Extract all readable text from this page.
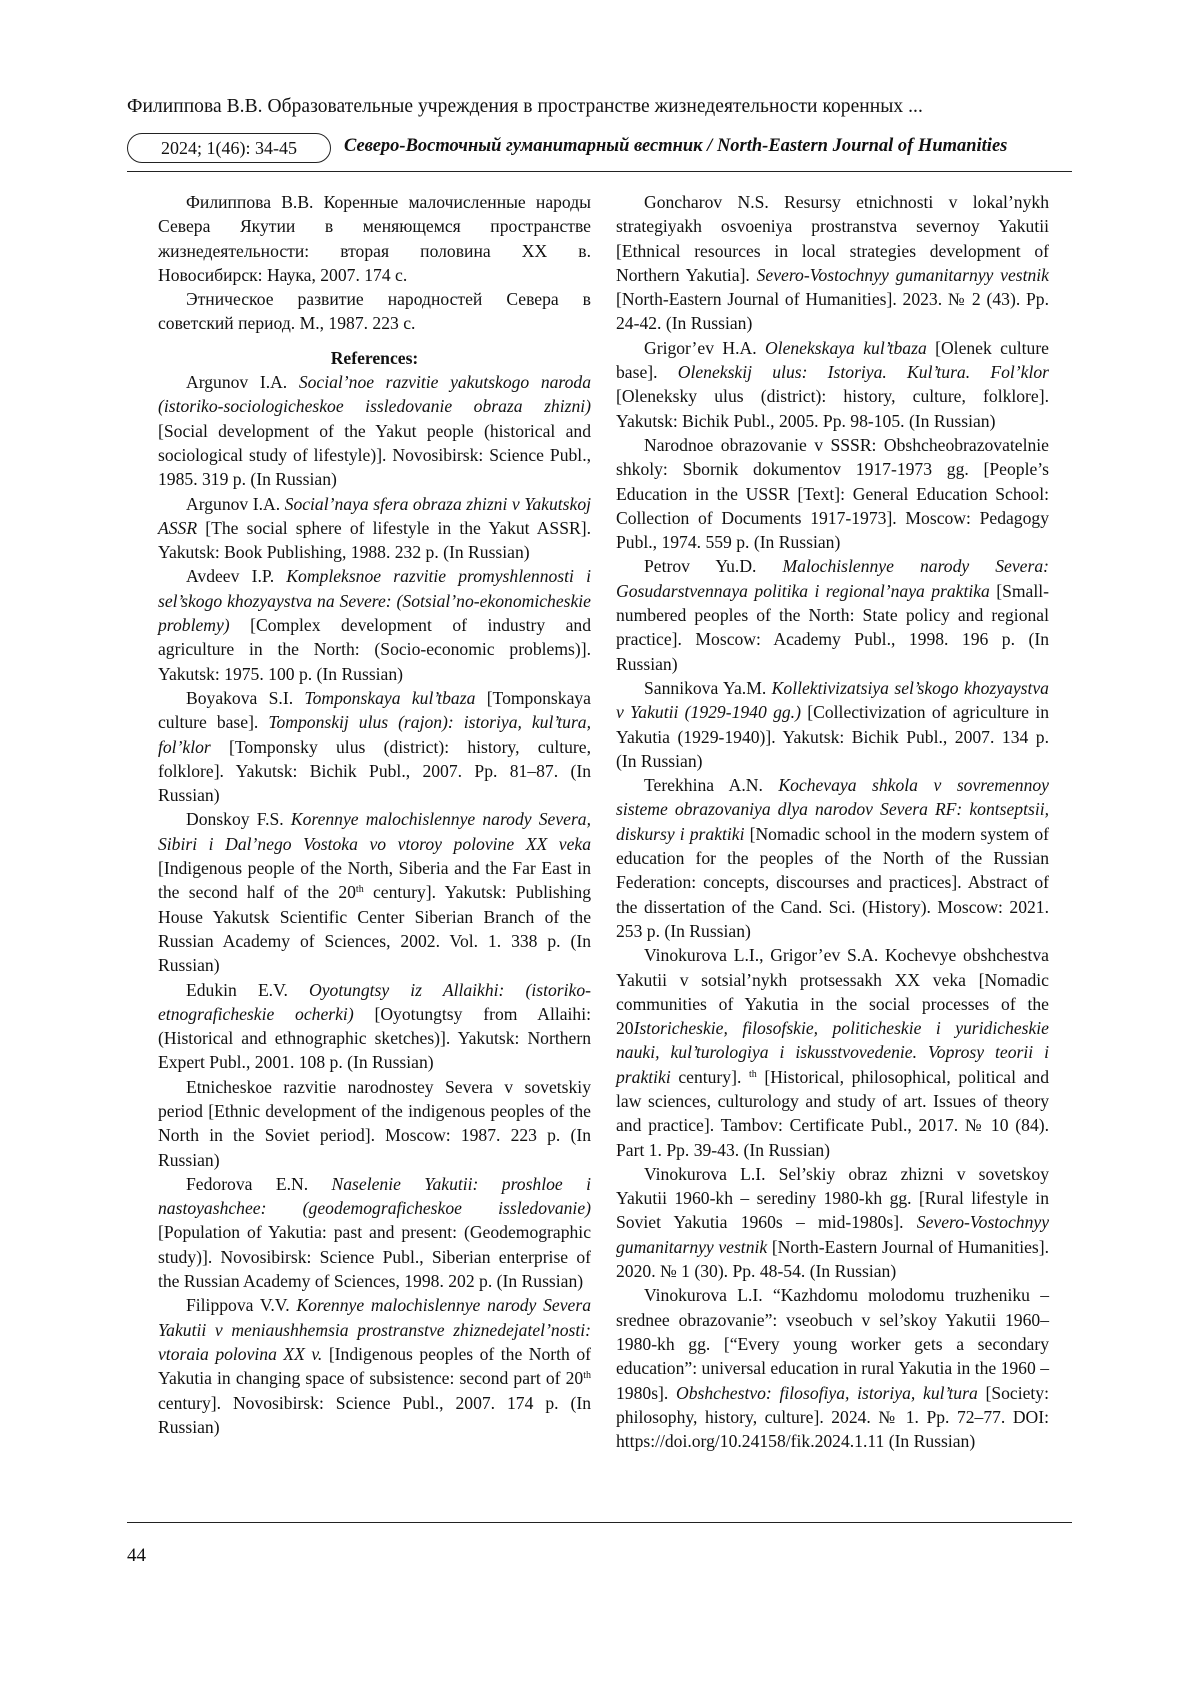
Филиппова В.В. Образовательные учреждения в пространстве жизнедеятельности коренных ...
2024; 1(46): 34-45	Северо-Восточный гуманитарный вестник / North-Eastern Journal of Humanities

Филиппова В.В. Коренные малочисленные народы Севера Якутии в меняющемся пространстве жизнедеятельности: вторая половина ХХ в. Новосибирск: Наука, 2007. 174 с.

Этническое развитие народностей Севера в советский период. М., 1987. 223 с.

References:

Argunov I.A. Social’noe razvitie yakutskogo naroda (istoriko-sociologicheskoe issledovanie obraza zhizni) [Social development of the Yakut people (historical and sociological study of lifestyle)]. Novosibirsk: Science Publ., 1985. 319 p. (In Russian)

Argunov I.A. Social’naya sfera obraza zhizni v Yakutskoj ASSR [The social sphere of lifestyle in the Yakut ASSR]. Yakutsk: Book Publishing, 1988. 232 p. (In Russian)

Avdeev I.P. Kompleksnoe razvitie promyshlennosti i sel’skogo khozyaystva na Severe: (Sotsial’no-ekonomicheskie problemy) [Complex development of industry and agriculture in the North: (Socio-economic problems)]. Yakutsk: 1975. 100 p. (In Russian)

Boyakova S.I. Tomponskaya kul’tbaza [Tomponskaya culture base]. Tomponskij ulus (rajon): istoriya, kul’tura, fol’klor [Tomponsky ulus (district): history, culture, folklore]. Yakutsk: Bichik Publ., 2007. Pp. 81–87. (In Russian)

Donskoy F.S. Korennye malochislennye narody Severa, Sibiri i Dal’nego Vostoka vo vtoroy polovine XX veka [Indigenous people of the North, Siberia and the Far East in the second half of the 20th century]. Yakutsk: Publishing House Yakutsk Scientific Center Siberian Branch of the Russian Academy of Sciences, 2002. Vol. 1. 338 p. (In Russian)

Edukin E.V. Oyotungtsy iz Allaikhi: (istoriko-etnograficheskie ocherki) [Oyotungtsy from Allaihi: (Historical and ethnographic sketches)]. Yakutsk: Northern Expert Publ., 2001. 108 p. (In Russian)

Etnicheskoe razvitie narodnostey Severa v sovetskiy period [Ethnic development of the indigenous peoples of the North in the Soviet period]. Moscow: 1987. 223 p. (In Russian)

Fedorova E.N. Naselenie Yakutii: proshloe i nastoyashchee: (geodemograficheskoe issledovanie) [Population of Yakutia: past and present: (Geodemographic study)]. Novosibirsk: Science Publ., Siberian enterprise of the Russian Academy of Sciences, 1998. 202 p. (In Russian)

Filippova V.V. Korennye malochislennye narody Severa Yakutii v meniaushhemsia prostranstve zhiznedejatel’nosti: vtoraia polovina XX v. [Indigenous peoples of the North of Yakutia in changing space of subsistence: second part of 20th century]. Novosibirsk: Science Publ., 2007. 174 p. (In Russian)

Goncharov N.S. Resursy etnichnosti v lokal’nykh strategiyakh osvoeniya prostranstva severnoy Yakutii [Ethnical resources in local strategies development of Northern Yakutia]. Severo-Vostochnyy gumanitarnyy vestnik [North-Eastern Journal of Humanities]. 2023. № 2 (43). Pp. 24-42. (In Russian)

Grigor’ev H.A. Olenekskaya kul’tbaza [Olenek culture base]. Olenekskij ulus: Istoriya. Kul’tura. Fol’klor [Oleneksky ulus (district): history, culture, folklore]. Yakutsk: Bichik Publ., 2005. Pp. 98-105. (In Russian)

Narodnoe obrazovanie v SSSR: Obshcheobrazovatelnie shkoly: Sbornik dokumentov 1917-1973 gg. [People’s Education in the USSR [Text]: General Education School: Collection of Documents 1917-1973]. Moscow: Pedagogy Publ., 1974. 559 p. (In Russian)

Petrov Yu.D. Malochislennye narody Severa: Gosudarstvennaya politika i regional’naya praktika [Small-numbered peoples of the North: State policy and regional practice]. Moscow: Academy Publ., 1998. 196 p. (In Russian)

Sannikova Ya.M. Kollektivizatsiya sel’skogo khozyaystva v Yakutii (1929-1940 gg.) [Collectivization of agriculture in Yakutia (1929-1940)]. Yakutsk: Bichik Publ., 2007. 134 p. (In Russian)

Terekhina A.N. Kochevaya shkola v sovremennoy sisteme obrazovaniya dlya narodov Severa RF: kontseptsii, diskursy i praktiki [Nomadic school in the modern system of education for the peoples of the North of the Russian Federation: concepts, discourses and practices]. Abstract of the dissertation of the Cand. Sci. (History). Moscow: 2021. 253 p. (In Russian)

Vinokurova L.I., Grigor’ev S.A. Kochevye obshchestva Yakutii v sotsial’nykh protsessakh XX veka [Nomadic communities of Yakutia in the social processes of the 20Istoricheskie, filosofskie, politicheskie i yuridicheskie nauki, kul’turologiya i iskusstvovedenie. Voprosy teorii i praktiki century]. $^{th}$ [Historical, philosophical, political and law sciences, culturology and study of art. Issues of theory and practice]. Tambov: Certificate Publ., 2017. № 10 (84). Part 1. Pp. 39-43. (In Russian)

Vinokurova L.I. Sel’skiy obraz zhizni v sovetskoy Yakutii 1960-kh – serediny 1980-kh gg. [Rural lifestyle in Soviet Yakutia 1960s – mid-1980s]. Severo-Vostochnyy gumanitarnyy vestnik [North-Eastern Journal of Humanities]. 2020. № 1 (30). Pp. 48-54. (In Russian)

Vinokurova L.I. “Kazhdomu molodomu truzheniku – srednee obrazovanie”: vseobuch v sel’skoy Yakutii 1960–1980-kh gg. [“Every young worker gets a secondary education”: universal education in rural Yakutia in the 1960 – 1980s]. Obshchestvo: filosofiya, istoriya, kul’tura [Society: philosophy, history, culture]. 2024. № 1. Pp. 72–77. DOI: https://doi.org/10.24158/fik.2024.1.11 (In Russian)

44
